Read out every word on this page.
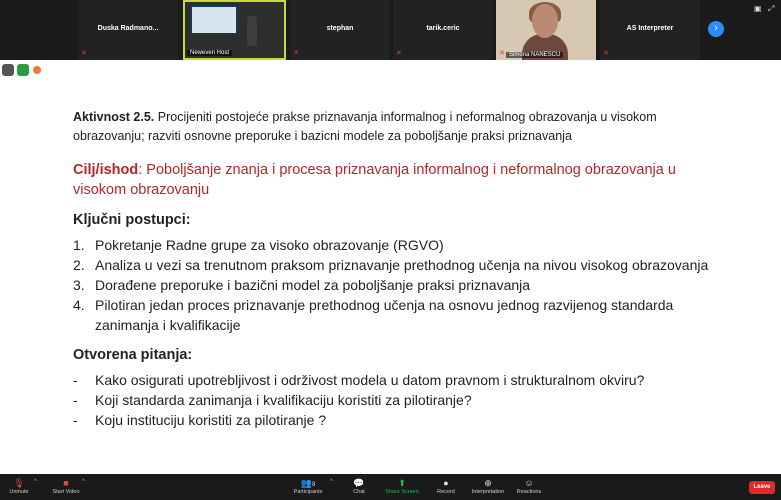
Duska Radmano...
✕	Neweven Host
stephan
✕
tarik.ceric
✕	Simona NANESCU
✕
AS Interpreter
✕
›
▣ ⤢

Aktivnost 2.5. Procijeniti postojeće prakse priznavanja informalnog i neformalnog obrazovanja u visokom obrazovanju; razviti osnovne preporuke i bazicni modele za poboljšanje praksi priznavanja

Cilj/ishod: Poboljšanje znanja i procesa priznavanja informalnog i neformalnog obrazovanja u visokom obrazovanju

Ključni postupci:

1. Pokretanje Radne grupe za visoko obrazovanje (RGVO)
2. Analiza u vezi sa trenutnom praksom priznavanje prethodnog učenja na nivou visokog obrazovanja
3. Dorađene preporuke i bazični model za poboljšanje praksi priznavanja
4. Pilotiran jedan proces priznavanje prethodnog učenja na osnovu jednog razvijenog standarda zanimanja i kvalifikacije

Otvorena pitanja:

-	Kako osigurati upotrebljivost i održivost modela u datom pravnom i strukturalnom okviru?
-	Koji standarda zanimanja i kvalifikaciju koristiti za pilotiranje?
-	Koju instituciju koristiti za pilotiranje ?
🎙
Unmute
^	■
Start Video
^	👥8
Participants
^	💬
Chat
⬆
Share Screen
●
Record
⊕
Interpretation
☺
Reactions
Leave
